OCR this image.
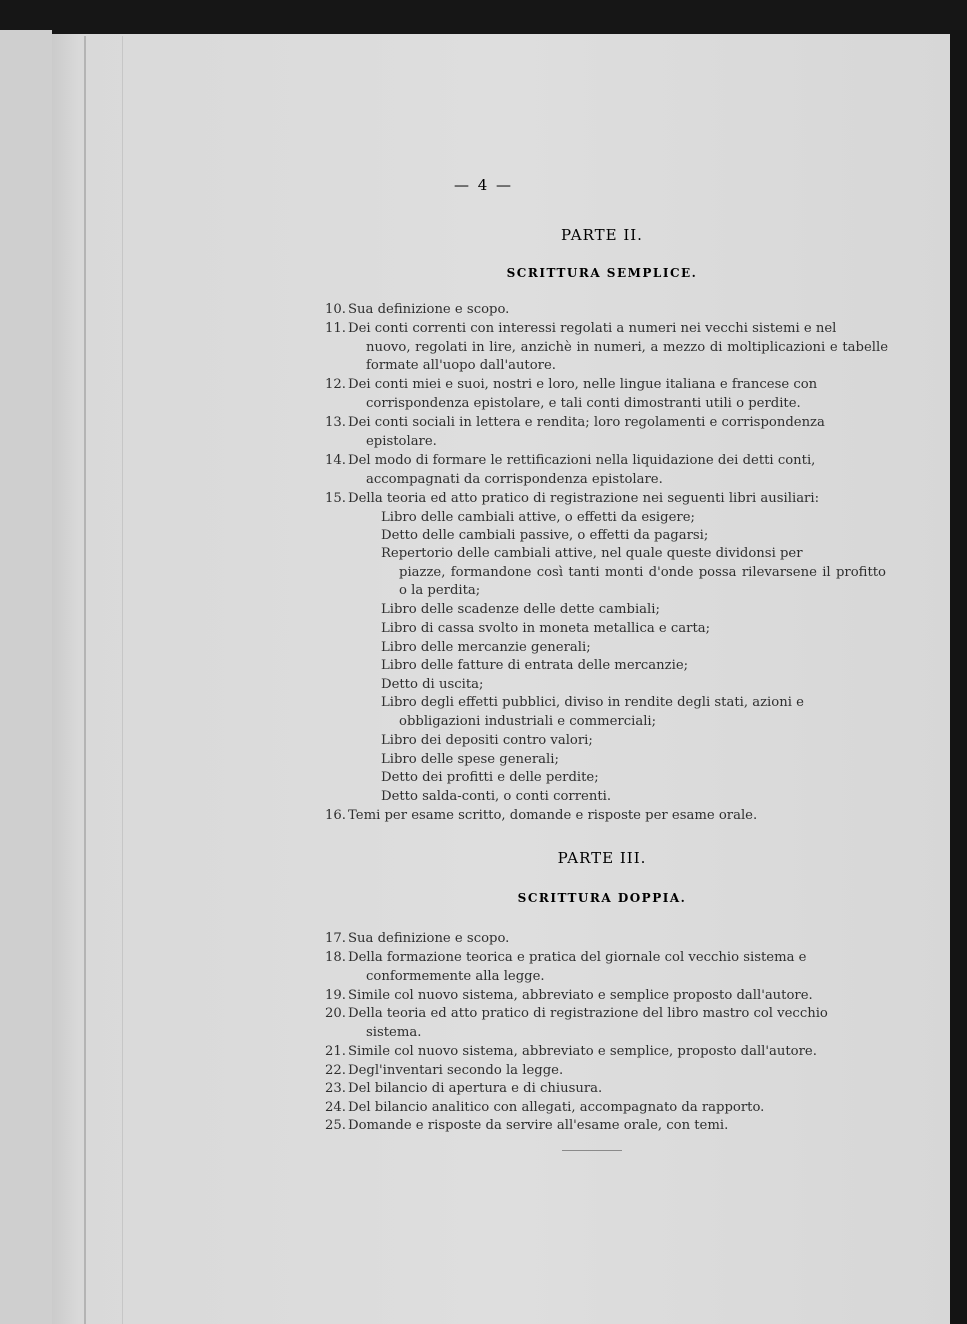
— 4 —
PARTE II.
SCRITTURA SEMPLICE.
10. Sua definizione e scopo.
11. Dei conti correnti con interessi regolati a numeri nei vecchi sistemi e nel
nuovo, regolati in lire, anzichè in numeri, a mezzo di moltiplicazioni e tabelle formate all'uopo dall'autore.
12. Dei conti miei e suoi, nostri e loro, nelle lingue italiana e francese con
corrispondenza epistolare, e tali conti dimostranti utili o perdite.
13. Dei conti sociali in lettera e rendita; loro regolamenti e corrispondenza
epistolare.
14. Del modo di formare le rettificazioni nella liquidazione dei detti conti,
accompagnati da corrispondenza epistolare.
15. Della teoria ed atto pratico di registrazione nei seguenti libri ausiliari:
Libro delle cambiali attive, o effetti da esigere;
Detto delle cambiali passive, o effetti da pagarsi;
Repertorio delle cambiali attive, nel quale queste dividonsi per
piazze, formandone così tanti monti d'onde possa rilevarsene il profitto o la perdita;
Libro delle scadenze delle dette cambiali;
Libro di cassa svolto in moneta metallica e carta;
Libro delle mercanzie generali;
Libro delle fatture di entrata delle mercanzie;
Detto di uscita;
Libro degli effetti pubblici, diviso in rendite degli stati, azioni e
obbligazioni industriali e commerciali;
Libro dei depositi contro valori;
Libro delle spese generali;
Detto dei profitti e delle perdite;
Detto salda-conti, o conti correnti.
16. Temi per esame scritto, domande e risposte per esame orale.
PARTE III.
SCRITTURA DOPPIA.
17. Sua definizione e scopo.
18. Della formazione teorica e pratica del giornale col vecchio sistema e
conformemente alla legge.
19. Simile col nuovo sistema, abbreviato e semplice proposto dall'autore.
20. Della teoria ed atto pratico di registrazione del libro mastro col vecchio
sistema.
21. Simile col nuovo sistema, abbreviato e semplice, proposto dall'autore.
22. Degl'inventari secondo la legge.
23. Del bilancio di apertura e di chiusura.
24. Del bilancio analitico con allegati, accompagnato da rapporto.
25. Domande e risposte da servire all'esame orale, con temi.
